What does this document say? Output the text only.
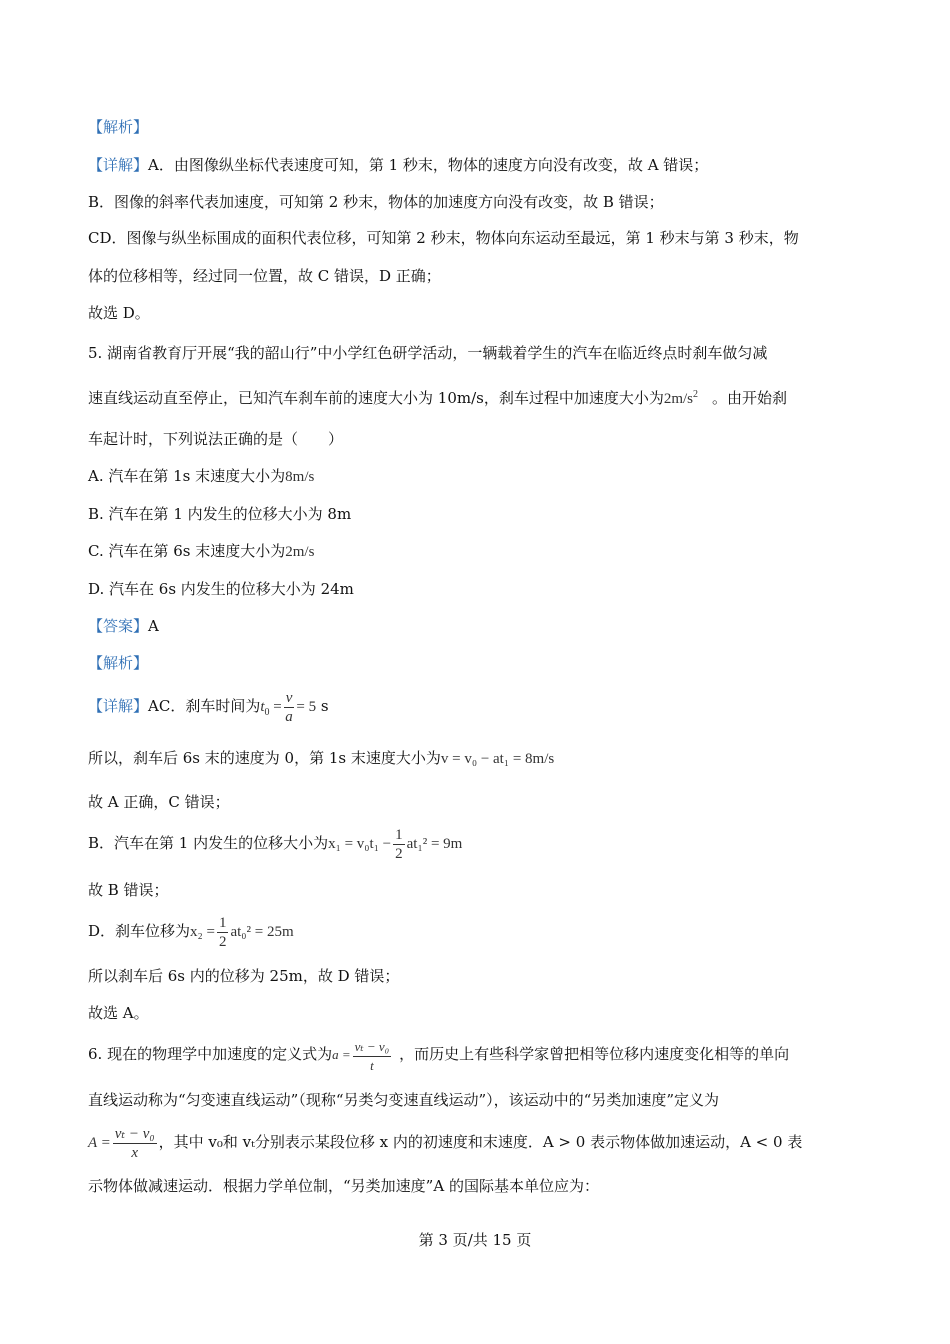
【解析】
【详解】A．由图像纵坐标代表速度可知，第 1 秒末，物体的速度方向没有改变，故 A 错误；
B．图像的斜率代表加速度，可知第 2 秒末，物体的加速度方向没有改变，故 B 错误；
CD．图像与纵坐标围成的面积代表位移，可知第 2 秒末，物体向东运动至最远，第 1 秒末与第 3 秒末，物
体的位移相等，经过同一位置，故 C 错误，D 正确；
故选 D。
5. 湖南省教育厅开展“我的韶山行”中小学红色研学活动，一辆载着学生的汽车在临近终点时刹车做匀减
速直线运动直至停止，已知汽车刹车前的速度大小为 10m/s，刹车过程中加速度大小为$2m/s^2$ 。由开始刹
车起计时，下列说法正确的是（　　）
A. 汽车在第 1s 末速度大小为8m/s
B. 汽车在第 1 内发生的位移大小为 8m
C. 汽车在第 6s 末速度大小为2m/s
D. 汽车在 6s 内发生的位移大小为 24m
【答案】A
【解析】
【详解】AC．刹车时间为$t_0 = \frac{v}{a} = 5$ s
所以，刹车后 6s 末的速度为 0，第 1s 末速度大小为v = v₀ − at₁ = 8m/s
故 A 正确，C 错误；
B．汽车在第 1 内发生的位移大小为$x_1 = v_0t_1 - \frac{1}{2} at_1^2 = 9m$
故 B 错误；
D．刹车位移为$x_2 = \frac{1}{2} at_0^2 = 25m$
所以刹车后 6s 内的位移为 25m，故 D 错误；
故选 A。
6. 现在的物理学中加速度的定义式为$a = \frac{\text{vₜ − v₀}}{t}$ ，而历史上有些科学家曾把相等位移内速度变化相等的单向
直线运动称为“匀变速直线运动”（现称“另类匀变速直线运动”），该运动中的“另类加速度”定义为
$A = \frac{\text{vₜ − v₀}}{x}$ ，其中 v₀和 vₜ分别表示某段位移 x 内的初速度和末速度．A > 0 表示物体做加速运动，A < 0 表
示物体做减速运动．根据力学单位制，“另类加速度”A 的国际基本单位应为：
第 3 页/共 15 页
